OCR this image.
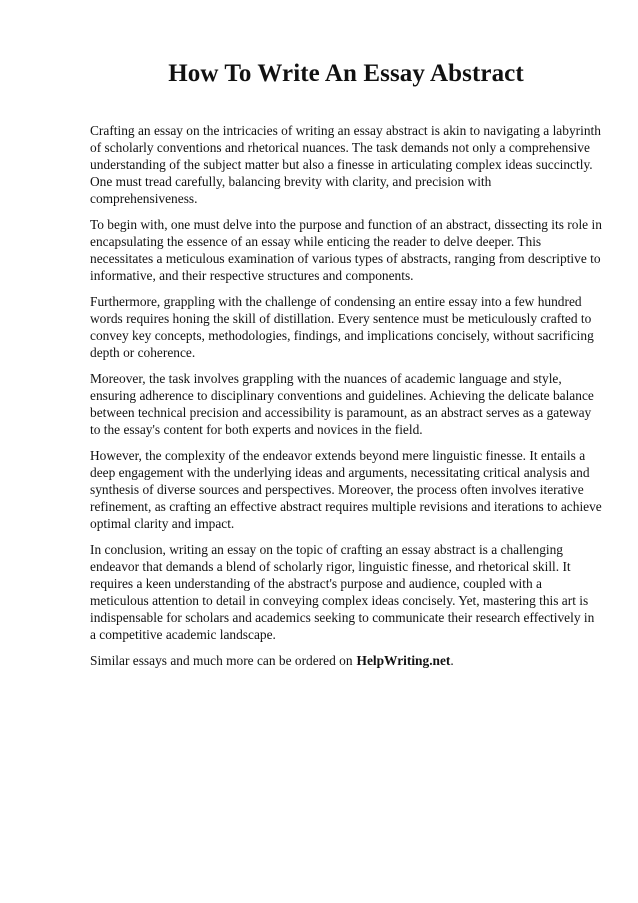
How To Write An Essay Abstract

Crafting an essay on the intricacies of writing an essay abstract is akin to navigating a labyrinth of scholarly conventions and rhetorical nuances. The task demands not only a comprehensive understanding of the subject matter but also a finesse in articulating complex ideas succinctly. One must tread carefully, balancing brevity with clarity, and precision with comprehensiveness.

To begin with, one must delve into the purpose and function of an abstract, dissecting its role in encapsulating the essence of an essay while enticing the reader to delve deeper. This necessitates a meticulous examination of various types of abstracts, ranging from descriptive to informative, and their respective structures and components.

Furthermore, grappling with the challenge of condensing an entire essay into a few hundred words requires honing the skill of distillation. Every sentence must be meticulously crafted to convey key concepts, methodologies, findings, and implications concisely, without sacrificing depth or coherence.

Moreover, the task involves grappling with the nuances of academic language and style, ensuring adherence to disciplinary conventions and guidelines. Achieving the delicate balance between technical precision and accessibility is paramount, as an abstract serves as a gateway to the essay's content for both experts and novices in the field.

However, the complexity of the endeavor extends beyond mere linguistic finesse. It entails a deep engagement with the underlying ideas and arguments, necessitating critical analysis and synthesis of diverse sources and perspectives. Moreover, the process often involves iterative refinement, as crafting an effective abstract requires multiple revisions and iterations to achieve optimal clarity and impact.

In conclusion, writing an essay on the topic of crafting an essay abstract is a challenging endeavor that demands a blend of scholarly rigor, linguistic finesse, and rhetorical skill. It requires a keen understanding of the abstract's purpose and audience, coupled with a meticulous attention to detail in conveying complex ideas concisely. Yet, mastering this art is indispensable for scholars and academics seeking to communicate their research effectively in a competitive academic landscape.

Similar essays and much more can be ordered on HelpWriting.net.
